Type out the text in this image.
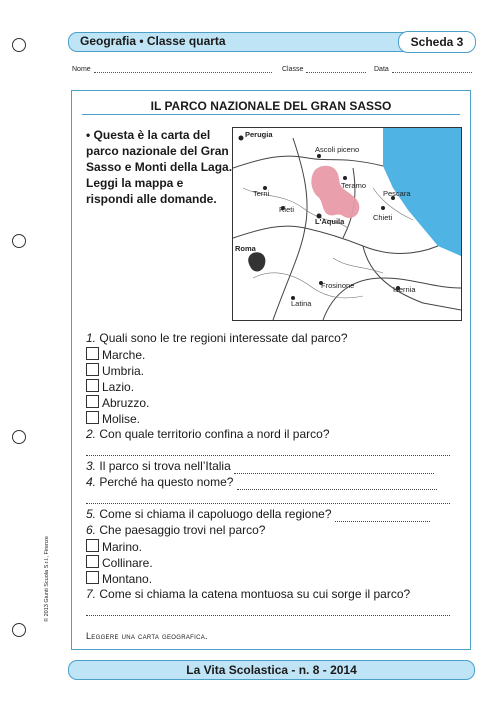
Geografia • Classe quarta	Scheda 3
Nome	Classe	Data
IL PARCO NAZIONALE DEL GRAN SASSO
• Questa è la carta del parco nazionale del Gran Sasso e Monti della Laga. Leggi la mappa e rispondi alle domande.
Perugia
Ascoli piceno
Teramo
Pescara
Terni
Rieti
L'Aquila	Chieti
Roma
Frosinone	Isernia
Latina
1. Quali sono le tre regioni interessate dal parco?
Marche.
Umbria.
Lazio.
Abruzzo.
Molise.
2. Con quale territorio confina a nord il parco?
3. Il parco si trova nell’Italia
4. Perché ha questo nome?
5. Come si chiama il capoluogo della regione?
6. Che paesaggio trovi nel parco?
Marino.
Collinare.
Montano.
7. Come si chiama la catena montuosa su cui sorge il parco?
Leggere una carta geografica.
© 2013 Giunti Scuola S.r.l., Firenze
La Vita Scolastica - n. 8 - 2014
